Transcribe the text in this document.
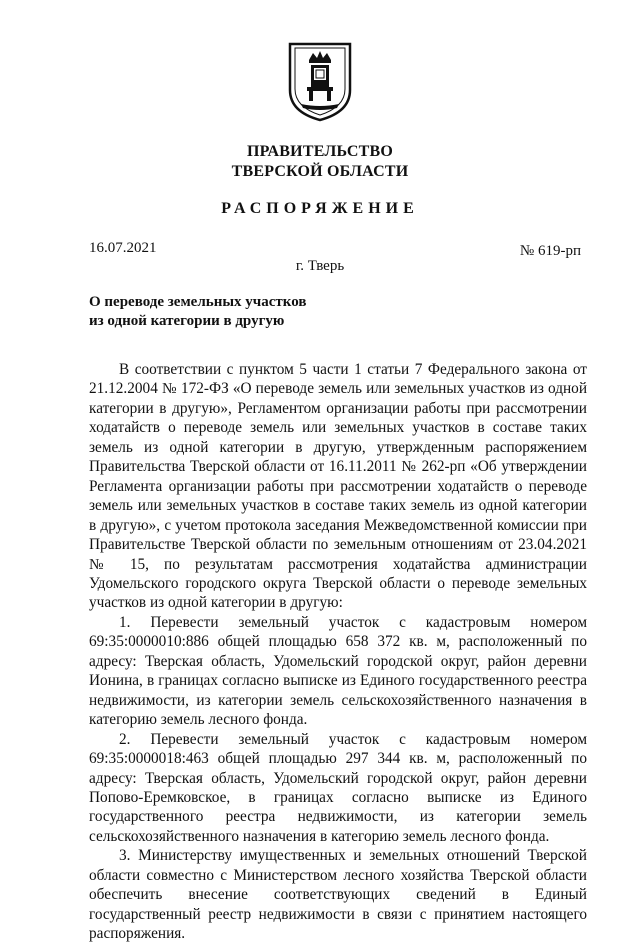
ПРАВИТЕЛЬСТВО
ТВЕРСКОЙ ОБЛАСТИ
РАСПОРЯЖЕНИЕ
16.07.2021	№ 619-рп
г. Тверь
О переводе земельных участков
из одной категории в другую

В соответствии с пунктом 5 части 1 статьи 7 Федерального закона от 21.12.2004 № 172-ФЗ «О переводе земель или земельных участков из одной категории в другую», Регламентом организации работы при рассмотрении ходатайств о переводе земель или земельных участков в составе таких земель из одной категории в другую, утвержденным распоряжением Правительства Тверской области от 16.11.2011 № 262-рп «Об утверждении Регламента организации работы при рассмотрении ходатайств о переводе земель или земельных участков в составе таких земель из одной категории в другую», с учетом протокола заседания Межведомственной комиссии при Правительстве Тверской области по земельным отношениям от 23.04.2021 № 15, по результатам рассмотрения ходатайства администрации Удомельского городского округа Тверской области о переводе земельных участков из одной категории в другую:

1. Перевести земельный участок с кадастровым номером 69:35:0000010:886 общей площадью 658 372 кв. м, расположенный по адресу: Тверская область, Удомельский городской округ, район деревни Ионина, в границах согласно выписке из Единого государственного реестра недвижимости, из категории земель сельскохозяйственного назначения в категорию земель лесного фонда.

2. Перевести земельный участок с кадастровым номером 69:35:0000018:463 общей площадью 297 344 кв. м, расположенный по адресу: Тверская область, Удомельский городской округ, район деревни Попово-Еремковское, в границах согласно выписке из Единого государственного реестра недвижимости, из категории земель сельскохозяйственного назначения в категорию земель лесного фонда.

3. Министерству имущественных и земельных отношений Тверской области совместно с Министерством лесного хозяйства Тверской области обеспечить внесение соответствующих сведений в Единый государственный реестр недвижимости в связи с принятием настоящего распоряжения.
